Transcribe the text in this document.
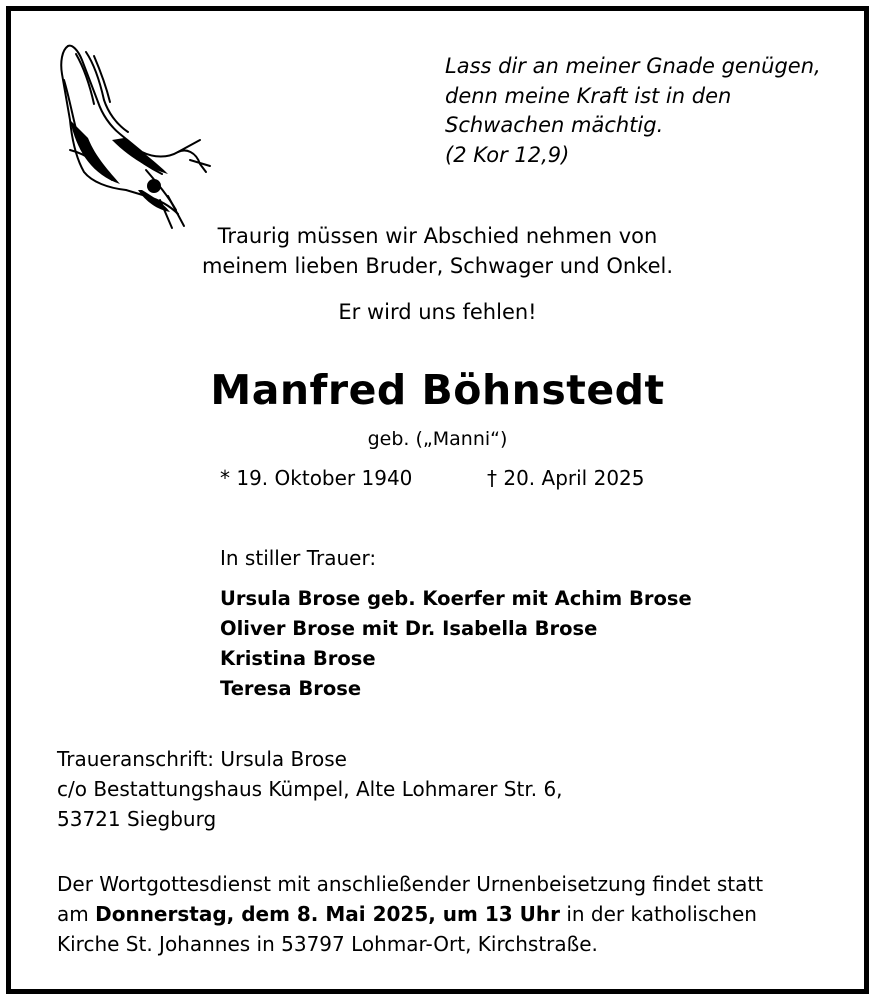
Lass dir an meiner Gnade genügen,
denn meine Kraft ist in den
Schwachen mächtig.
(2 Kor 12,9)
Traurig müssen wir Abschied nehmen von
meinem lieben Bruder, Schwager und Onkel.
Er wird uns fehlen!
Manfred Böhnstedt
geb. („Manni“)
* 19. Oktober 1940	† 20. April 2025
In stiller Trauer:
Ursula Brose geb. Koerfer mit Achim Brose
Oliver Brose mit Dr. Isabella Brose
Kristina Brose
Teresa Brose
Traueranschrift: Ursula Brose
c/o Bestattungshaus Kümpel, Alte Lohmarer Str. 6,
53721 Siegburg
Der Wortgottesdienst mit anschließender Urnenbeisetzung findet statt
am Donnerstag, dem 8. Mai 2025, um 13 Uhr in der katholischen
Kirche St. Johannes in 53797 Lohmar-Ort, Kirchstraße.
